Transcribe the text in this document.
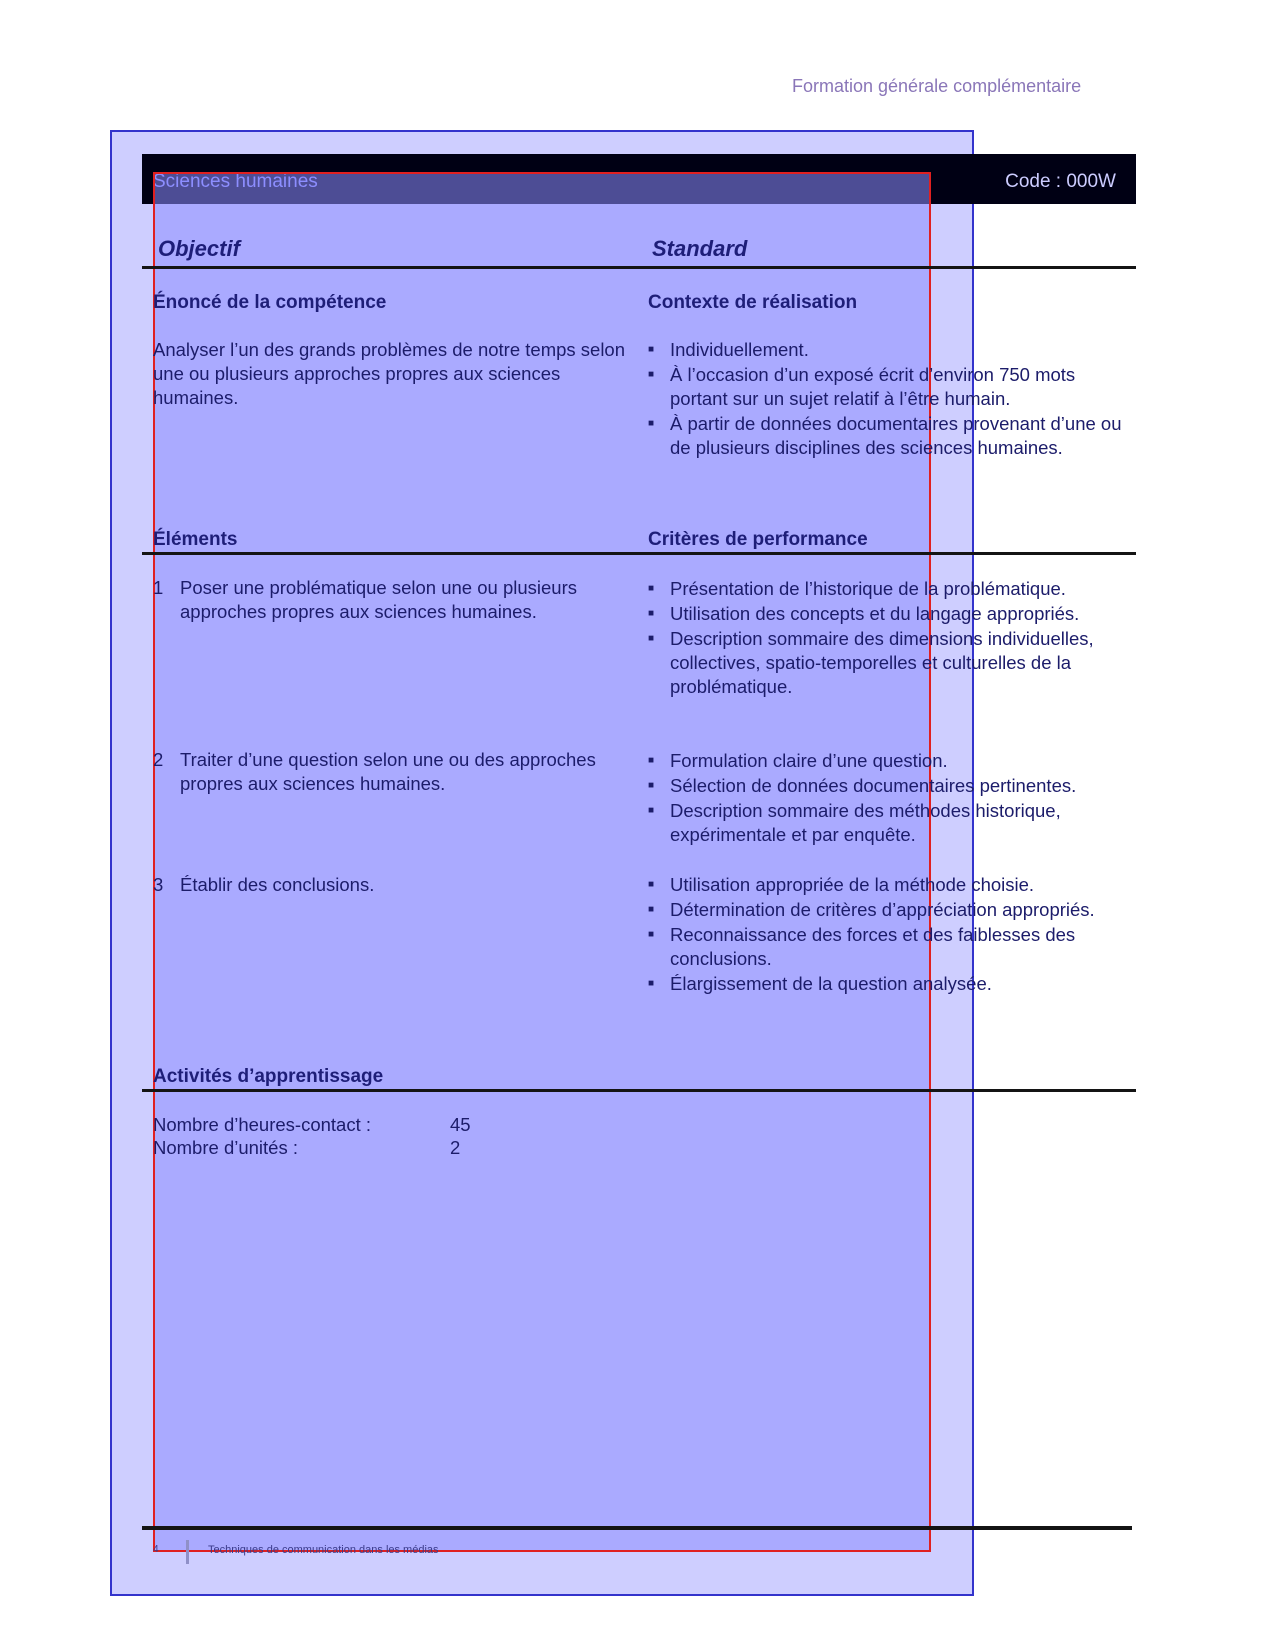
Formation générale complémentaire
Code : 000W
Objectif	Standard
Énoncé de la compétence	Contexte de réalisation
Analyser l’un des grands problèmes de notre temps selon une ou plusieurs approches propres aux sciences humaines.
■ Individuellement.
■ À l’occasion d’un exposé écrit d’environ 750 mots portant sur un sujet relatif à l’être humain.
■ À partir de données documentaires provenant d’une ou de plusieurs disciplines des sciences humaines.
Éléments	Critères de performance
1 Poser une problématique selon une ou plusieurs approches propres aux sciences humaines.
■ Présentation de l’historique de la problématique.
■ Utilisation des concepts et du langage appropriés.
■ Description sommaire des dimensions individuelles, collectives, spatio-temporelles et culturelles de la problématique.
2 Traiter d’une question selon une ou des approches propres aux sciences humaines.
■ Formulation claire d’une question.
■ Sélection de données documentaires pertinentes.
■ Description sommaire des méthodes historique, expérimentale et par enquête.
3 Établir des conclusions.
■	Utilisation appropriée de la méthode choisie.
■ Détermination de critères d’appréciation appropriés.
■ Reconnaissance des forces et des faiblesses des conclusions.
■ Élargissement de la question analysée.
Activités d’apprentissage
Nombre d’heures-contact :	45
Nombre d’unités :	2
4	Techniques de communication dans les médias
